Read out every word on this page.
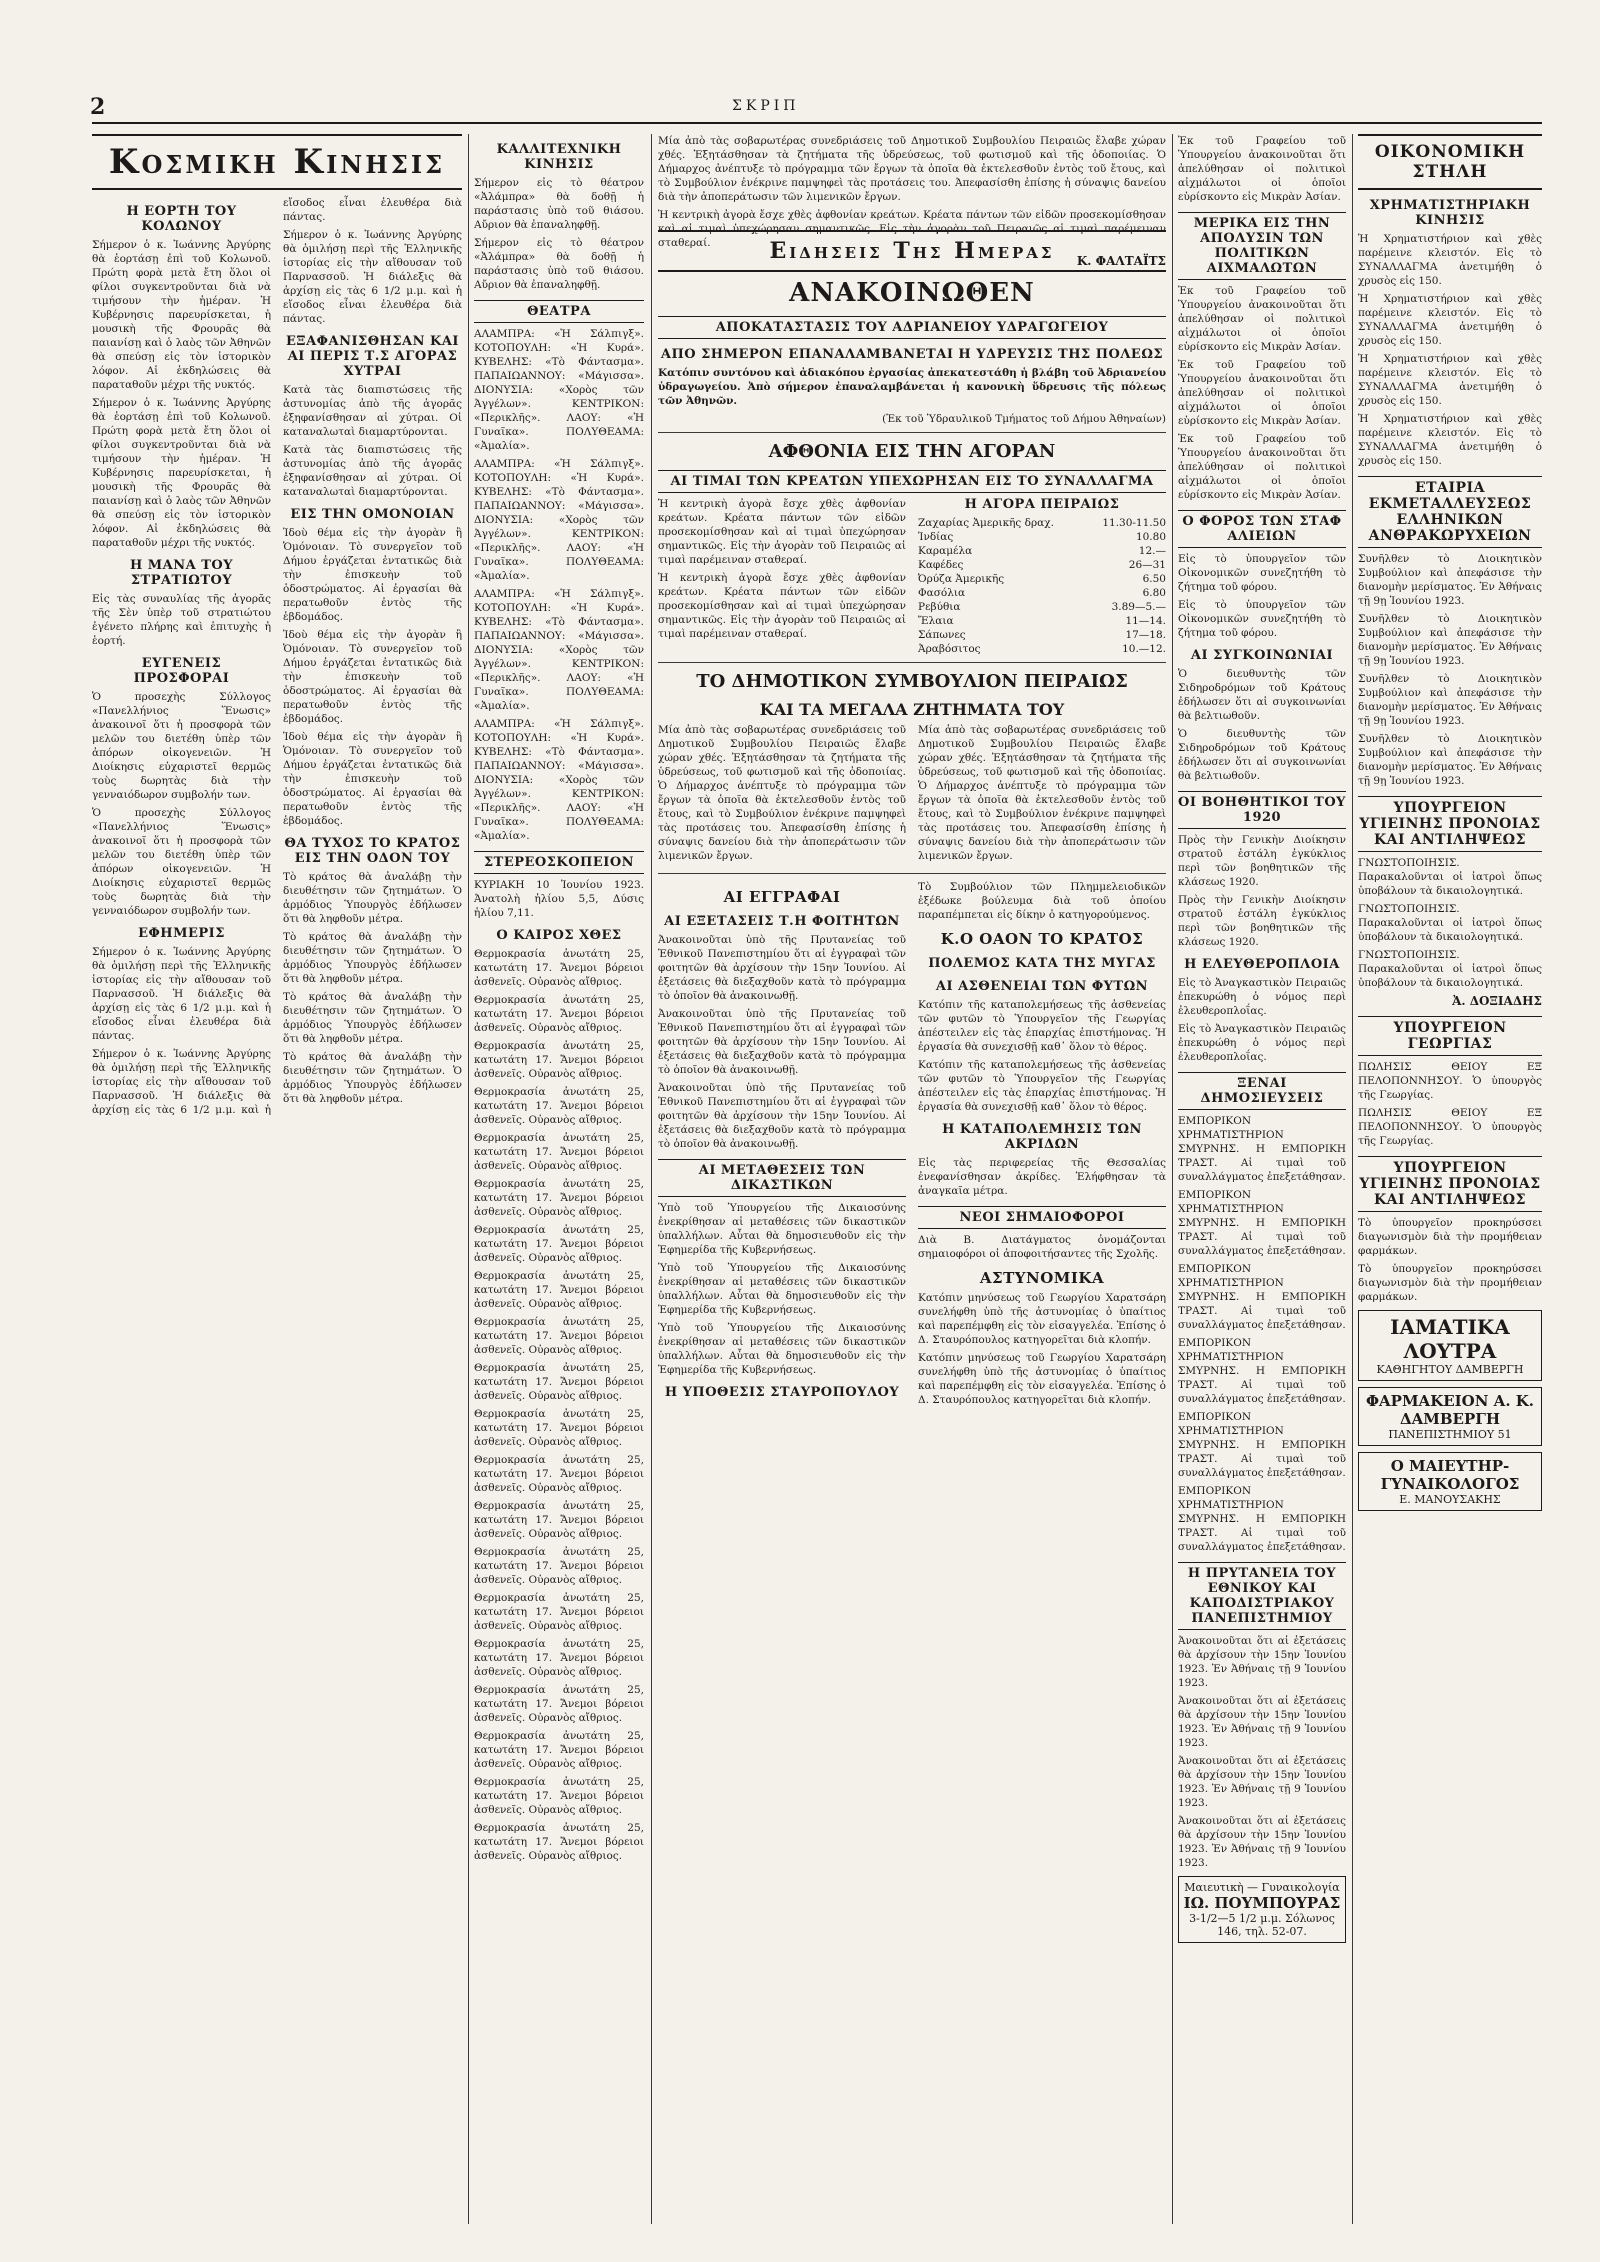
2	ΣΚΡΙΠ
Κοσμικη Κινησις
Η ΕΟΡΤΗ ΤΟΥ ΚΟΛΩΝΟΥ

Σήμερον ὁ κ. Ἰωάννης Ἀργύρης θὰ ἑορτάσῃ ἐπὶ τοῦ Κολωνοῦ. Πρώτη φορὰ μετὰ ἔτη ὅλοι οἱ φίλοι συγκεντροῦνται διὰ νὰ τιμήσουν τὴν ἡμέραν. Ἡ Κυβέρνησις παρευρίσκεται, ἡ μουσικὴ τῆς Φρουρᾶς θὰ παιανίσῃ καὶ ὁ λαὸς τῶν Ἀθηνῶν θὰ σπεύσῃ εἰς τὸν ἱστορικὸν λόφον. Αἱ ἐκδηλώσεις θὰ παραταθοῦν μέχρι τῆς νυκτός.

Σήμερον ὁ κ. Ἰωάννης Ἀργύρης θὰ ἑορτάσῃ ἐπὶ τοῦ Κολωνοῦ. Πρώτη φορὰ μετὰ ἔτη ὅλοι οἱ φίλοι συγκεντροῦνται διὰ νὰ τιμήσουν τὴν ἡμέραν. Ἡ Κυβέρνησις παρευρίσκεται, ἡ μουσικὴ τῆς Φρουρᾶς θὰ παιανίσῃ καὶ ὁ λαὸς τῶν Ἀθηνῶν θὰ σπεύσῃ εἰς τὸν ἱστορικὸν λόφον. Αἱ ἐκδηλώσεις θὰ παραταθοῦν μέχρι τῆς νυκτός.

Η ΜΑΝΑ ΤΟΥ ΣΤΡΑΤΙΩΤΟΥ

Εἰς τὰς συναυλίας τῆς ἀγορᾶς τῆς Σὲν ὑπὲρ τοῦ στρατιώτου ἐγένετο πλήρης καὶ ἐπιτυχὴς ἡ ἑορτή.

ΕΥΓΕΝΕΙΣ ΠΡΟΣΦΟΡΑΙ

Ὁ προσεχὴς Σύλλογος «Πανελλήνιος Ἕνωσις» ἀνακοινοῖ ὅτι ἡ προσφορὰ τῶν μελῶν του διετέθη ὑπὲρ τῶν ἀπόρων οἰκογενειῶν. Ἡ Διοίκησις εὐχαριστεῖ θερμῶς τοὺς δωρητὰς διὰ τὴν γενναιόδωρον συμβολήν των.

Ὁ προσεχὴς Σύλλογος «Πανελλήνιος Ἕνωσις» ἀνακοινοῖ ὅτι ἡ προσφορὰ τῶν μελῶν του διετέθη ὑπὲρ τῶν ἀπόρων οἰκογενειῶν. Ἡ Διοίκησις εὐχαριστεῖ θερμῶς τοὺς δωρητὰς διὰ τὴν γενναιόδωρον συμβολήν των.

ΕΦΗΜΕΡΙΣ

Σήμερον ὁ κ. Ἰωάννης Ἀργύρης θὰ ὁμιλήσῃ περὶ τῆς Ἑλληνικῆς ἱστορίας εἰς τὴν αἴθουσαν τοῦ Παρνασσοῦ. Ἡ διάλεξις θὰ ἀρχίσῃ εἰς τὰς 6 1/2 μ.μ. καὶ ἡ εἴσοδος εἶναι ἐλευθέρα διὰ πάντας.

Σήμερον ὁ κ. Ἰωάννης Ἀργύρης θὰ ὁμιλήσῃ περὶ τῆς Ἑλληνικῆς ἱστορίας εἰς τὴν αἴθουσαν τοῦ Παρνασσοῦ. Ἡ διάλεξις θὰ ἀρχίσῃ εἰς τὰς 6 1/2 μ.μ. καὶ ἡ εἴσοδος εἶναι ἐλευθέρα διὰ πάντας.

Σήμερον ὁ κ. Ἰωάννης Ἀργύρης θὰ ὁμιλήσῃ περὶ τῆς Ἑλληνικῆς ἱστορίας εἰς τὴν αἴθουσαν τοῦ Παρνασσοῦ. Ἡ διάλεξις θὰ ἀρχίσῃ εἰς τὰς 6 1/2 μ.μ. καὶ ἡ εἴσοδος εἶναι ἐλευθέρα διὰ πάντας.

ΕΞΑΦΑΝΙΣΘΗΣΑΝ ΚΑΙ ΑΙ ΠΕΡΙΣ Τ.Σ ΑΓΟΡΑΣ ΧΥΤΡΑΙ

Κατὰ τὰς διαπιστώσεις τῆς ἀστυνομίας ἀπὸ τῆς ἀγορᾶς ἐξηφανίσθησαν αἱ χύτραι. Οἱ καταναλωταὶ διαμαρτύρονται.

Κατὰ τὰς διαπιστώσεις τῆς ἀστυνομίας ἀπὸ τῆς ἀγορᾶς ἐξηφανίσθησαν αἱ χύτραι. Οἱ καταναλωταὶ διαμαρτύρονται.

ΕΙΣ ΤΗΝ ΟΜΟΝΟΙΑΝ

Ἰδοὺ θέμα εἰς τὴν ἀγορὰν ἢ Ὁμόνοιαν. Τὸ συνεργεῖον τοῦ Δήμου ἐργάζεται ἐντατικῶς διὰ τὴν ἐπισκευὴν τοῦ ὁδοστρώματος. Αἱ ἐργασίαι θὰ περατωθοῦν ἐντὸς τῆς ἑβδομάδος.

Ἰδοὺ θέμα εἰς τὴν ἀγορὰν ἢ Ὁμόνοιαν. Τὸ συνεργεῖον τοῦ Δήμου ἐργάζεται ἐντατικῶς διὰ τὴν ἐπισκευὴν τοῦ ὁδοστρώματος. Αἱ ἐργασίαι θὰ περατωθοῦν ἐντὸς τῆς ἑβδομάδος.

Ἰδοὺ θέμα εἰς τὴν ἀγορὰν ἢ Ὁμόνοιαν. Τὸ συνεργεῖον τοῦ Δήμου ἐργάζεται ἐντατικῶς διὰ τὴν ἐπισκευὴν τοῦ ὁδοστρώματος. Αἱ ἐργασίαι θὰ περατωθοῦν ἐντὸς τῆς ἑβδομάδος.

ΘΑ ΤΥΧΟΣ ΤΟ ΚΡΑΤΟΣ ΕΙΣ ΤΗΝ ΟΔΟΝ ΤΟΥ

Τὸ κράτος θὰ ἀναλάβῃ τὴν διευθέτησιν τῶν ζητημάτων. Ὁ ἁρμόδιος Ὑπουργὸς ἐδήλωσεν ὅτι θὰ ληφθοῦν μέτρα.

Τὸ κράτος θὰ ἀναλάβῃ τὴν διευθέτησιν τῶν ζητημάτων. Ὁ ἁρμόδιος Ὑπουργὸς ἐδήλωσεν ὅτι θὰ ληφθοῦν μέτρα.

Τὸ κράτος θὰ ἀναλάβῃ τὴν διευθέτησιν τῶν ζητημάτων. Ὁ ἁρμόδιος Ὑπουργὸς ἐδήλωσεν ὅτι θὰ ληφθοῦν μέτρα.

Τὸ κράτος θὰ ἀναλάβῃ τὴν διευθέτησιν τῶν ζητημάτων. Ὁ ἁρμόδιος Ὑπουργὸς ἐδήλωσεν ὅτι θὰ ληφθοῦν μέτρα.

ΚΑΛΛΙΤΕΧΝΙΚΗ ΚΙΝΗΣΙΣ

Σήμερον εἰς τὸ θέατρον «Ἀλάμπρα» θὰ δοθῇ ἡ παράστασις ὑπὸ τοῦ θιάσου. Αὔριον θὰ ἐπαναληφθῇ.

Σήμερον εἰς τὸ θέατρον «Ἀλάμπρα» θὰ δοθῇ ἡ παράστασις ὑπὸ τοῦ θιάσου. Αὔριον θὰ ἐπαναληφθῇ.

ΘΕΑΤΡΑ

ΑΛΑΜΠΡΑ: «Ἡ Σάλπιγξ». ΚΟΤΟΠΟΥΛΗ: «Ἡ Κυρά». ΚΥΒΕΛΗΣ: «Τὸ Φάντασμα». ΠΑΠΑΙΩΑΝΝΟΥ: «Μάγισσα». ΔΙΟΝΥΣΙΑ: «Χορὸς τῶν Ἀγγέλων». ΚΕΝΤΡΙΚΟΝ: «Περικλῆς». ΛΑΟΥ: «Ἡ Γυναῖκα». ΠΟΛΥΘΕΑΜΑ: «Ἀμαλία».

ΑΛΑΜΠΡΑ: «Ἡ Σάλπιγξ». ΚΟΤΟΠΟΥΛΗ: «Ἡ Κυρά». ΚΥΒΕΛΗΣ: «Τὸ Φάντασμα». ΠΑΠΑΙΩΑΝΝΟΥ: «Μάγισσα». ΔΙΟΝΥΣΙΑ: «Χορὸς τῶν Ἀγγέλων». ΚΕΝΤΡΙΚΟΝ: «Περικλῆς». ΛΑΟΥ: «Ἡ Γυναῖκα». ΠΟΛΥΘΕΑΜΑ: «Ἀμαλία».

ΑΛΑΜΠΡΑ: «Ἡ Σάλπιγξ». ΚΟΤΟΠΟΥΛΗ: «Ἡ Κυρά». ΚΥΒΕΛΗΣ: «Τὸ Φάντασμα». ΠΑΠΑΙΩΑΝΝΟΥ: «Μάγισσα». ΔΙΟΝΥΣΙΑ: «Χορὸς τῶν Ἀγγέλων». ΚΕΝΤΡΙΚΟΝ: «Περικλῆς». ΛΑΟΥ: «Ἡ Γυναῖκα». ΠΟΛΥΘΕΑΜΑ: «Ἀμαλία».

ΑΛΑΜΠΡΑ: «Ἡ Σάλπιγξ». ΚΟΤΟΠΟΥΛΗ: «Ἡ Κυρά». ΚΥΒΕΛΗΣ: «Τὸ Φάντασμα». ΠΑΠΑΙΩΑΝΝΟΥ: «Μάγισσα». ΔΙΟΝΥΣΙΑ: «Χορὸς τῶν Ἀγγέλων». ΚΕΝΤΡΙΚΟΝ: «Περικλῆς». ΛΑΟΥ: «Ἡ Γυναῖκα». ΠΟΛΥΘΕΑΜΑ: «Ἀμαλία».

ΣΤΕΡΕΟΣΚΟΠΕΙΟΝ

ΚΥΡΙΑΚΗ 10 Ἰουνίου 1923. Ἀνατολὴ ἡλίου 5,5, Δύσις ἡλίου 7,11.

Ο ΚΑΙΡΟΣ ΧΘΕΣ

Θερμοκρασία ἀνωτάτη 25, κατωτάτη 17. Ἄνεμοι βόρειοι ἀσθενεῖς. Οὐρανὸς αἴθριος.

Θερμοκρασία ἀνωτάτη 25, κατωτάτη 17. Ἄνεμοι βόρειοι ἀσθενεῖς. Οὐρανὸς αἴθριος.

Θερμοκρασία ἀνωτάτη 25, κατωτάτη 17. Ἄνεμοι βόρειοι ἀσθενεῖς. Οὐρανὸς αἴθριος.

Θερμοκρασία ἀνωτάτη 25, κατωτάτη 17. Ἄνεμοι βόρειοι ἀσθενεῖς. Οὐρανὸς αἴθριος.

Θερμοκρασία ἀνωτάτη 25, κατωτάτη 17. Ἄνεμοι βόρειοι ἀσθενεῖς. Οὐρανὸς αἴθριος.

Θερμοκρασία ἀνωτάτη 25, κατωτάτη 17. Ἄνεμοι βόρειοι ἀσθενεῖς. Οὐρανὸς αἴθριος.

Θερμοκρασία ἀνωτάτη 25, κατωτάτη 17. Ἄνεμοι βόρειοι ἀσθενεῖς. Οὐρανὸς αἴθριος.

Θερμοκρασία ἀνωτάτη 25, κατωτάτη 17. Ἄνεμοι βόρειοι ἀσθενεῖς. Οὐρανὸς αἴθριος.

Θερμοκρασία ἀνωτάτη 25, κατωτάτη 17. Ἄνεμοι βόρειοι ἀσθενεῖς. Οὐρανὸς αἴθριος.

Θερμοκρασία ἀνωτάτη 25, κατωτάτη 17. Ἄνεμοι βόρειοι ἀσθενεῖς. Οὐρανὸς αἴθριος.

Θερμοκρασία ἀνωτάτη 25, κατωτάτη 17. Ἄνεμοι βόρειοι ἀσθενεῖς. Οὐρανὸς αἴθριος.

Θερμοκρασία ἀνωτάτη 25, κατωτάτη 17. Ἄνεμοι βόρειοι ἀσθενεῖς. Οὐρανὸς αἴθριος.

Θερμοκρασία ἀνωτάτη 25, κατωτάτη 17. Ἄνεμοι βόρειοι ἀσθενεῖς. Οὐρανὸς αἴθριος.

Θερμοκρασία ἀνωτάτη 25, κατωτάτη 17. Ἄνεμοι βόρειοι ἀσθενεῖς. Οὐρανὸς αἴθριος.

Θερμοκρασία ἀνωτάτη 25, κατωτάτη 17. Ἄνεμοι βόρειοι ἀσθενεῖς. Οὐρανὸς αἴθριος.

Θερμοκρασία ἀνωτάτη 25, κατωτάτη 17. Ἄνεμοι βόρειοι ἀσθενεῖς. Οὐρανὸς αἴθριος.

Θερμοκρασία ἀνωτάτη 25, κατωτάτη 17. Ἄνεμοι βόρειοι ἀσθενεῖς. Οὐρανὸς αἴθριος.

Θερμοκρασία ἀνωτάτη 25, κατωτάτη 17. Ἄνεμοι βόρειοι ἀσθενεῖς. Οὐρανὸς αἴθριος.

Θερμοκρασία ἀνωτάτη 25, κατωτάτη 17. Ἄνεμοι βόρειοι ἀσθενεῖς. Οὐρανὸς αἴθριος.

Θερμοκρασία ἀνωτάτη 25, κατωτάτη 17. Ἄνεμοι βόρειοι ἀσθενεῖς. Οὐρανὸς αἴθριος.

Μία ἀπὸ τὰς σοβαρωτέρας συνεδριάσεις τοῦ Δημοτικοῦ Συμβουλίου Πειραιῶς ἔλαβε χώραν χθές. Ἐξητάσθησαν τὰ ζητήματα τῆς ὑδρεύσεως, τοῦ φωτισμοῦ καὶ τῆς ὁδοποιίας. Ὁ Δήμαρχος ἀνέπτυξε τὸ πρόγραμμα τῶν ἔργων τὰ ὁποῖα θὰ ἐκτελεσθοῦν ἐντὸς τοῦ ἔτους, καὶ τὸ Συμβούλιον ἐνέκρινε παμψηφεὶ τὰς προτάσεις του. Ἀπεφασίσθη ἐπίσης ἡ σύναψις δανείου διὰ τὴν ἀποπεράτωσιν τῶν λιμενικῶν ἔργων.

Ἡ κεντρικὴ ἀγορὰ ἔσχε χθὲς ἀφθονίαν κρεάτων. Κρέατα πάντων τῶν εἰδῶν προσεκομίσθησαν καὶ αἱ τιμαὶ ὑπεχώρησαν σημαντικῶς. Εἰς τὴν ἀγορὰν τοῦ Πειραιῶς αἱ τιμαὶ παρέμειναν σταθεραί.

Κ. ΦΑΛΤΑΪΤΣ
Ειδησεις Της Ημερας
ΑΝΑΚΟΙΝΩΘΕΝ
ΑΠΟΚΑΤΑΣΤΑΣΙΣ ΤΟΥ ΑΔΡΙΑΝΕΙΟΥ ΥΔΡΑΓΩΓΕΙΟΥ
ΑΠΟ ΣΗΜΕΡΟΝ ΕΠΑΝΑΛΑΜΒΑΝΕΤΑΙ Η ΥΔΡΕΥΣΙΣ ΤΗΣ ΠΟΛΕΩΣ

Κατόπιν συντόνου καὶ ἀδιακόπου ἐργασίας ἀπεκατεστάθη ἡ βλάβη τοῦ Ἀδριανείου ὑδραγωγείου. Ἀπὸ σήμερον ἐπαναλαμβάνεται ἡ κανονικὴ ὕδρευσις τῆς πόλεως τῶν Ἀθηνῶν.

(Ἐκ τοῦ Ὑδραυλικοῦ Τμήματος τοῦ Δήμου Ἀθηναίων)

ΑΦΘΟΝΙΑ ΕΙΣ ΤΗΝ ΑΓΟΡΑΝ
ΑΙ ΤΙΜΑΙ ΤΩΝ ΚΡΕΑΤΩΝ ΥΠΕΧΩΡΗΣΑΝ ΕΙΣ ΤΟ ΣΥΝΑΛΛΑΓΜΑ

Ἡ κεντρικὴ ἀγορὰ ἔσχε χθὲς ἀφθονίαν κρεάτων. Κρέατα πάντων τῶν εἰδῶν προσεκομίσθησαν καὶ αἱ τιμαὶ ὑπεχώρησαν σημαντικῶς. Εἰς τὴν ἀγορὰν τοῦ Πειραιῶς αἱ τιμαὶ παρέμειναν σταθεραί.

Ἡ κεντρικὴ ἀγορὰ ἔσχε χθὲς ἀφθονίαν κρεάτων. Κρέατα πάντων τῶν εἰδῶν προσεκομίσθησαν καὶ αἱ τιμαὶ ὑπεχώρησαν σημαντικῶς. Εἰς τὴν ἀγορὰν τοῦ Πειραιῶς αἱ τιμαὶ παρέμειναν σταθεραί.

Η ΑΓΟΡΑ ΠΕΙΡΑΙΩΣ
Ζαχαρίας Ἀμερικῆς δραχ.	11.30-11.50
Ἰνδίας	10.80
Καραμέλα	12.—
Καφέδες	26—31
Ὀρύζα Ἀμερικῆς	6.50
Φασόλια	6.80
Ρεβύθια	3.89—5.—
Ἔλαια	11—14.
Σάπωνες	17—18.
Ἀραβόσιτος	10.—12.
ΤΟ ΔΗΜΟΤΙΚΟΝ ΣΥΜΒΟΥΛΙΟΝ ΠΕΙΡΑΙΩΣ
ΚΑΙ ΤΑ ΜΕΓΑΛΑ ΖΗΤΗΜΑΤΑ ΤΟΥ

Μία ἀπὸ τὰς σοβαρωτέρας συνεδριάσεις τοῦ Δημοτικοῦ Συμβουλίου Πειραιῶς ἔλαβε χώραν χθές. Ἐξητάσθησαν τὰ ζητήματα τῆς ὑδρεύσεως, τοῦ φωτισμοῦ καὶ τῆς ὁδοποιίας. Ὁ Δήμαρχος ἀνέπτυξε τὸ πρόγραμμα τῶν ἔργων τὰ ὁποῖα θὰ ἐκτελεσθοῦν ἐντὸς τοῦ ἔτους, καὶ τὸ Συμβούλιον ἐνέκρινε παμψηφεὶ τὰς προτάσεις του. Ἀπεφασίσθη ἐπίσης ἡ σύναψις δανείου διὰ τὴν ἀποπεράτωσιν τῶν λιμενικῶν ἔργων.

Μία ἀπὸ τὰς σοβαρωτέρας συνεδριάσεις τοῦ Δημοτικοῦ Συμβουλίου Πειραιῶς ἔλαβε χώραν χθές. Ἐξητάσθησαν τὰ ζητήματα τῆς ὑδρεύσεως, τοῦ φωτισμοῦ καὶ τῆς ὁδοποιίας. Ὁ Δήμαρχος ἀνέπτυξε τὸ πρόγραμμα τῶν ἔργων τὰ ὁποῖα θὰ ἐκτελεσθοῦν ἐντὸς τοῦ ἔτους, καὶ τὸ Συμβούλιον ἐνέκρινε παμψηφεὶ τὰς προτάσεις του. Ἀπεφασίσθη ἐπίσης ἡ σύναψις δανείου διὰ τὴν ἀποπεράτωσιν τῶν λιμενικῶν ἔργων.

ΑΙ ΕΓΓΡΑΦΑΙ
ΑΙ ΕΞΕΤΑΣΕΙΣ Τ.Η ΦΟΙΤΗΤΩΝ

Ἀνακοινοῦται ὑπὸ τῆς Πρυτανείας τοῦ Ἐθνικοῦ Πανεπιστημίου ὅτι αἱ ἐγγραφαὶ τῶν φοιτητῶν θὰ ἀρχίσουν τὴν 15ην Ἰουνίου. Αἱ ἐξετάσεις θὰ διεξαχθοῦν κατὰ τὸ πρόγραμμα τὸ ὁποῖον θὰ ἀνακοινωθῇ.

Ἀνακοινοῦται ὑπὸ τῆς Πρυτανείας τοῦ Ἐθνικοῦ Πανεπιστημίου ὅτι αἱ ἐγγραφαὶ τῶν φοιτητῶν θὰ ἀρχίσουν τὴν 15ην Ἰουνίου. Αἱ ἐξετάσεις θὰ διεξαχθοῦν κατὰ τὸ πρόγραμμα τὸ ὁποῖον θὰ ἀνακοινωθῇ.

Ἀνακοινοῦται ὑπὸ τῆς Πρυτανείας τοῦ Ἐθνικοῦ Πανεπιστημίου ὅτι αἱ ἐγγραφαὶ τῶν φοιτητῶν θὰ ἀρχίσουν τὴν 15ην Ἰουνίου. Αἱ ἐξετάσεις θὰ διεξαχθοῦν κατὰ τὸ πρόγραμμα τὸ ὁποῖον θὰ ἀνακοινωθῇ.

ΑΙ ΜΕΤΑΘΕΣΕΙΣ ΤΩΝ ΔΙΚΑΣΤΙΚΩΝ

Ὑπὸ τοῦ Ὑπουργείου τῆς Δικαιοσύνης ἐνεκρίθησαν αἱ μεταθέσεις τῶν δικαστικῶν ὑπαλλήλων. Αὗται θὰ δημοσιευθοῦν εἰς τὴν Ἐφημερίδα τῆς Κυβερνήσεως.

Ὑπὸ τοῦ Ὑπουργείου τῆς Δικαιοσύνης ἐνεκρίθησαν αἱ μεταθέσεις τῶν δικαστικῶν ὑπαλλήλων. Αὗται θὰ δημοσιευθοῦν εἰς τὴν Ἐφημερίδα τῆς Κυβερνήσεως.

Ὑπὸ τοῦ Ὑπουργείου τῆς Δικαιοσύνης ἐνεκρίθησαν αἱ μεταθέσεις τῶν δικαστικῶν ὑπαλλήλων. Αὗται θὰ δημοσιευθοῦν εἰς τὴν Ἐφημερίδα τῆς Κυβερνήσεως.

Η ΥΠΟΘΕΣΙΣ ΣΤΑΥΡΟΠΟΥΛΟΥ

Τὸ Συμβούλιον τῶν Πλημμελειοδικῶν ἐξέδωκε βούλευμα διὰ τοῦ ὁποίου παραπέμπεται εἰς δίκην ὁ κατηγορούμενος.

Κ.Ο ΟΑΟΝ ΤΟ ΚΡΑΤΟΣ
ΠΟΛΕΜΟΣ ΚΑΤΑ ΤΗΣ ΜΥΓΑΣ
ΑΙ ΑΣΘΕΝΕΙΑΙ ΤΩΝ ΦΥΤΩΝ

Κατόπιν τῆς καταπολεμήσεως τῆς ἀσθενείας τῶν φυτῶν τὸ Ὑπουργεῖον τῆς Γεωργίας ἀπέστειλεν εἰς τὰς ἐπαρχίας ἐπιστήμονας. Ἡ ἐργασία θὰ συνεχισθῇ καθ᾽ ὅλον τὸ θέρος.

Κατόπιν τῆς καταπολεμήσεως τῆς ἀσθενείας τῶν φυτῶν τὸ Ὑπουργεῖον τῆς Γεωργίας ἀπέστειλεν εἰς τὰς ἐπαρχίας ἐπιστήμονας. Ἡ ἐργασία θὰ συνεχισθῇ καθ᾽ ὅλον τὸ θέρος.

Η ΚΑΤΑΠΟΛΕΜΗΣΙΣ ΤΩΝ ΑΚΡΙΔΩΝ

Εἰς τὰς περιφερείας τῆς Θεσσαλίας ἐνεφανίσθησαν ἀκρίδες. Ἐλήφθησαν τὰ ἀναγκαῖα μέτρα.

ΝΕΟΙ ΣΗΜΑΙΟΦΟΡΟΙ

Διὰ Β. Διατάγματος ὀνομάζονται σημαιοφόροι οἱ ἀποφοιτήσαντες τῆς Σχολῆς.

ΑΣΤΥΝΟΜΙΚΑ

Κατόπιν μηνύσεως τοῦ Γεωργίου Χαρατσάρη συνελήφθη ὑπὸ τῆς ἀστυνομίας ὁ ὑπαίτιος καὶ παρεπέμφθη εἰς τὸν εἰσαγγελέα. Ἐπίσης ὁ Δ. Σταυρόπουλος κατηγορεῖται διὰ κλοπήν.

Κατόπιν μηνύσεως τοῦ Γεωργίου Χαρατσάρη συνελήφθη ὑπὸ τῆς ἀστυνομίας ὁ ὑπαίτιος καὶ παρεπέμφθη εἰς τὸν εἰσαγγελέα. Ἐπίσης ὁ Δ. Σταυρόπουλος κατηγορεῖται διὰ κλοπήν.

Ἐκ τοῦ Γραφείου τοῦ Ὑπουργείου ἀνακοινοῦται ὅτι ἀπελύθησαν οἱ πολιτικοὶ αἰχμάλωτοι οἱ ὁποῖοι εὑρίσκοντο εἰς Μικρὰν Ἀσίαν.

ΜΕΡΙΚΑ ΕΙΣ ΤΗΝ ΑΠΟΛΥΣΙΝ ΤΩΝ ΠΟΛΙΤΙΚΩΝ ΑΙΧΜΑΛΩΤΩΝ

Ἐκ τοῦ Γραφείου τοῦ Ὑπουργείου ἀνακοινοῦται ὅτι ἀπελύθησαν οἱ πολιτικοὶ αἰχμάλωτοι οἱ ὁποῖοι εὑρίσκοντο εἰς Μικρὰν Ἀσίαν.

Ἐκ τοῦ Γραφείου τοῦ Ὑπουργείου ἀνακοινοῦται ὅτι ἀπελύθησαν οἱ πολιτικοὶ αἰχμάλωτοι οἱ ὁποῖοι εὑρίσκοντο εἰς Μικρὰν Ἀσίαν.

Ἐκ τοῦ Γραφείου τοῦ Ὑπουργείου ἀνακοινοῦται ὅτι ἀπελύθησαν οἱ πολιτικοὶ αἰχμάλωτοι οἱ ὁποῖοι εὑρίσκοντο εἰς Μικρὰν Ἀσίαν.

Ο ΦΟΡΟΣ ΤΩΝ ΣΤΑΦ ΑΛΙΕΙΩΝ

Εἰς τὸ ὑπουργεῖον τῶν Οἰκονομικῶν συνεζητήθη τὸ ζήτημα τοῦ φόρου.

Εἰς τὸ ὑπουργεῖον τῶν Οἰκονομικῶν συνεζητήθη τὸ ζήτημα τοῦ φόρου.

ΑΙ ΣΥΓΚΟΙΝΩΝΙΑΙ

Ὁ διευθυντὴς τῶν Σιδηροδρόμων τοῦ Κράτους ἐδήλωσεν ὅτι αἱ συγκοινωνίαι θὰ βελτιωθοῦν.

Ὁ διευθυντὴς τῶν Σιδηροδρόμων τοῦ Κράτους ἐδήλωσεν ὅτι αἱ συγκοινωνίαι θὰ βελτιωθοῦν.

ΟΙ ΒΟΗΘΗΤΙΚΟΙ ΤΟΥ 1920

Πρὸς τὴν Γενικὴν Διοίκησιν στρατοῦ ἐστάλη ἐγκύκλιος περὶ τῶν βοηθητικῶν τῆς κλάσεως 1920.

Πρὸς τὴν Γενικὴν Διοίκησιν στρατοῦ ἐστάλη ἐγκύκλιος περὶ τῶν βοηθητικῶν τῆς κλάσεως 1920.

Η ΕΛΕΥΘΕΡΟΠΛΟΙΑ

Εἰς τὸ Ἀναγκαστικὸν Πειραιῶς ἐπεκυρώθη ὁ νόμος περὶ ἐλευθεροπλοΐας.

Εἰς τὸ Ἀναγκαστικὸν Πειραιῶς ἐπεκυρώθη ὁ νόμος περὶ ἐλευθεροπλοΐας.

ΞΕΝΑΙ ΔΗΜΟΣΙΕΥΣΕΙΣ

ΕΜΠΟΡΙΚΟΝ ΧΡΗΜΑΤΙΣΤΗΡΙΟΝ ΣΜΥΡΝΗΣ. Η ΕΜΠΟΡΙΚΗ ΤΡΑΣΤ. Αἱ τιμαὶ τοῦ συναλλάγματος ἐπεξετάθησαν.

ΕΜΠΟΡΙΚΟΝ ΧΡΗΜΑΤΙΣΤΗΡΙΟΝ ΣΜΥΡΝΗΣ. Η ΕΜΠΟΡΙΚΗ ΤΡΑΣΤ. Αἱ τιμαὶ τοῦ συναλλάγματος ἐπεξετάθησαν.

ΕΜΠΟΡΙΚΟΝ ΧΡΗΜΑΤΙΣΤΗΡΙΟΝ ΣΜΥΡΝΗΣ. Η ΕΜΠΟΡΙΚΗ ΤΡΑΣΤ. Αἱ τιμαὶ τοῦ συναλλάγματος ἐπεξετάθησαν.

ΕΜΠΟΡΙΚΟΝ ΧΡΗΜΑΤΙΣΤΗΡΙΟΝ ΣΜΥΡΝΗΣ. Η ΕΜΠΟΡΙΚΗ ΤΡΑΣΤ. Αἱ τιμαὶ τοῦ συναλλάγματος ἐπεξετάθησαν.

ΕΜΠΟΡΙΚΟΝ ΧΡΗΜΑΤΙΣΤΗΡΙΟΝ ΣΜΥΡΝΗΣ. Η ΕΜΠΟΡΙΚΗ ΤΡΑΣΤ. Αἱ τιμαὶ τοῦ συναλλάγματος ἐπεξετάθησαν.

ΕΜΠΟΡΙΚΟΝ ΧΡΗΜΑΤΙΣΤΗΡΙΟΝ ΣΜΥΡΝΗΣ. Η ΕΜΠΟΡΙΚΗ ΤΡΑΣΤ. Αἱ τιμαὶ τοῦ συναλλάγματος ἐπεξετάθησαν.

Η ΠΡΥΤΑΝΕΙΑ ΤΟΥ ΕΘΝΙΚΟΥ ΚΑΙ ΚΑΠΟΔΙΣΤΡΙΑΚΟΥ ΠΑΝΕΠΙΣΤΗΜΙΟΥ

Ἀνακοινοῦται ὅτι αἱ ἐξετάσεις θὰ ἀρχίσουν τὴν 15ην Ἰουνίου 1923. Ἐν Ἀθήναις τῇ 9 Ἰουνίου 1923.

Ἀνακοινοῦται ὅτι αἱ ἐξετάσεις θὰ ἀρχίσουν τὴν 15ην Ἰουνίου 1923. Ἐν Ἀθήναις τῇ 9 Ἰουνίου 1923.

Ἀνακοινοῦται ὅτι αἱ ἐξετάσεις θὰ ἀρχίσουν τὴν 15ην Ἰουνίου 1923. Ἐν Ἀθήναις τῇ 9 Ἰουνίου 1923.

Ἀνακοινοῦται ὅτι αἱ ἐξετάσεις θὰ ἀρχίσουν τὴν 15ην Ἰουνίου 1923. Ἐν Ἀθήναις τῇ 9 Ἰουνίου 1923.

Μαιευτικὴ — Γυναικολογία
ΙΩ. ΠΟΥΜΠΟΥΡΑΣ
3-1/2—5 1/2 μ.μ. Σόλωνος 146, τηλ. 52-07.
ΟΙΚΟΝΟΜΙΚΗ ΣΤΗΛΗ
ΧΡΗΜΑΤΙΣΤΗΡΙΑΚΗ ΚΙΝΗΣΙΣ

Ἡ Χρηματιστήριον καὶ χθὲς παρέμεινε κλειστόν. Εἰς τὸ ΣΥΝΑΛΛΑΓΜΑ ἀνετιμήθη ὁ χρυσὸς εἰς 150.

Ἡ Χρηματιστήριον καὶ χθὲς παρέμεινε κλειστόν. Εἰς τὸ ΣΥΝΑΛΛΑΓΜΑ ἀνετιμήθη ὁ χρυσὸς εἰς 150.

Ἡ Χρηματιστήριον καὶ χθὲς παρέμεινε κλειστόν. Εἰς τὸ ΣΥΝΑΛΛΑΓΜΑ ἀνετιμήθη ὁ χρυσὸς εἰς 150.

Ἡ Χρηματιστήριον καὶ χθὲς παρέμεινε κλειστόν. Εἰς τὸ ΣΥΝΑΛΛΑΓΜΑ ἀνετιμήθη ὁ χρυσὸς εἰς 150.

ΕΤΑΙΡΙΑ ΕΚΜΕΤΑΛΛΕΥΣΕΩΣ ΕΛΛΗΝΙΚΩΝ ΑΝΘΡΑΚΩΡΥΧΕΙΩΝ

Συνῆλθεν τὸ Διοικητικὸν Συμβούλιον καὶ ἀπεφάσισε τὴν διανομὴν μερίσματος. Ἐν Ἀθήναις τῇ 9ῃ Ἰουνίου 1923.

Συνῆλθεν τὸ Διοικητικὸν Συμβούλιον καὶ ἀπεφάσισε τὴν διανομὴν μερίσματος. Ἐν Ἀθήναις τῇ 9ῃ Ἰουνίου 1923.

Συνῆλθεν τὸ Διοικητικὸν Συμβούλιον καὶ ἀπεφάσισε τὴν διανομὴν μερίσματος. Ἐν Ἀθήναις τῇ 9ῃ Ἰουνίου 1923.

Συνῆλθεν τὸ Διοικητικὸν Συμβούλιον καὶ ἀπεφάσισε τὴν διανομὴν μερίσματος. Ἐν Ἀθήναις τῇ 9ῃ Ἰουνίου 1923.

ΥΠΟΥΡΓΕΙΟΝ ΥΓΙΕΙΝΗΣ ΠΡΟΝΟΙΑΣ ΚΑΙ ΑΝΤΙΛΗΨΕΩΣ

ΓΝΩΣΤΟΠΟΙΗΣΙΣ. Παρακαλοῦνται οἱ ἰατροὶ ὅπως ὑποβάλουν τὰ δικαιολογητικά.

ΓΝΩΣΤΟΠΟΙΗΣΙΣ. Παρακαλοῦνται οἱ ἰατροὶ ὅπως ὑποβάλουν τὰ δικαιολογητικά.

ΓΝΩΣΤΟΠΟΙΗΣΙΣ. Παρακαλοῦνται οἱ ἰατροὶ ὅπως ὑποβάλουν τὰ δικαιολογητικά.

Ἀ. ΔΟΞΙΑΔΗΣ
ΥΠΟΥΡΓΕΙΟΝ ΓΕΩΡΓΙΑΣ

ΠΩΛΗΣΙΣ ΘΕΙΟΥ ΕΞ ΠΕΛΟΠΟΝΝΗΣΟΥ. Ὁ ὑπουργὸς τῆς Γεωργίας.

ΠΩΛΗΣΙΣ ΘΕΙΟΥ ΕΞ ΠΕΛΟΠΟΝΝΗΣΟΥ. Ὁ ὑπουργὸς τῆς Γεωργίας.

ΥΠΟΥΡΓΕΙΟΝ ΥΓΙΕΙΝΗΣ ΠΡΟΝΟΙΑΣ ΚΑΙ ΑΝΤΙΛΗΨΕΩΣ

Τὸ ὑπουργεῖον προκηρύσσει διαγωνισμὸν διὰ τὴν προμήθειαν φαρμάκων.

Τὸ ὑπουργεῖον προκηρύσσει διαγωνισμὸν διὰ τὴν προμήθειαν φαρμάκων.

ΙΑΜΑΤΙΚΑ ΛΟΥΤΡΑ
ΚΑΘΗΓΗΤΟΥ ΔΑΜΒΕΡΓΗ
ΦΑΡΜΑΚΕΙΟΝ Α. Κ. ΔΑΜΒΕΡΓΗ
ΠΑΝΕΠΙΣΤΗΜΙΟΥ 51
Ο ΜΑΙΕΥΤΗΡ-ΓΥΝΑΙΚΟΛΟΓΟΣ
Ε. ΜΑΝΟΥΣΑΚΗΣ
